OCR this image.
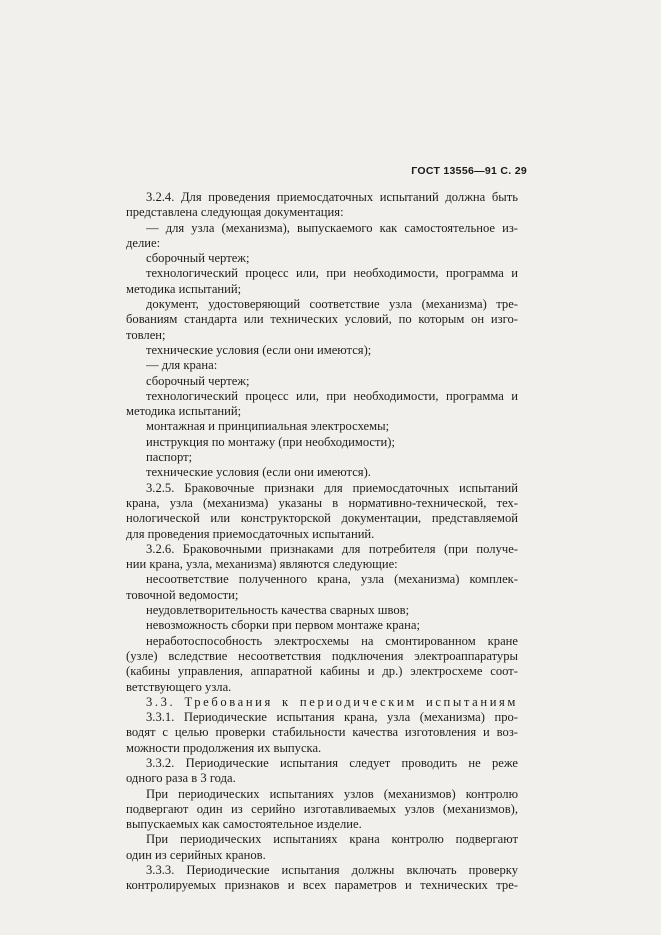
ГОСТ 13556—91 С. 29
3.2.4. Для проведения приемосдаточных испытаний должна быть
представлена следующая документация:
— для узла (механизма), выпускаемого как самостоятельное из-
делие:
сборочный чертеж;
технологический процесс или, при необходимости, программа и
методика испытаний;
документ, удостоверяющий соответствие узла (механизма) тре-
бованиям стандарта или технических условий, по которым он изго-
товлен;
технические условия (если они имеются);
— для крана:
сборочный чертеж;
технологический процесс или, при необходимости, программа и
методика испытаний;
монтажная и принципиальная электросхемы;
инструкция по монтажу (при необходимости);
паспорт;
технические условия (если они имеются).
3.2.5. Браковочные признаки для приемосдаточных испытаний
крана, узла (механизма) указаны в нормативно-технической, тех-
нологической или конструкторской документации, представляемой
для проведения приемосдаточных испытаний.
3.2.6. Браковочными признаками для потребителя (при получе-
нии крана, узла, механизма) являются следующие:
несоответствие полученного крана, узла (механизма) комплек-
товочной ведомости;
неудовлетворительность качества сварных швов;
невозможность сборки при первом монтаже крана;
неработоспособность электросхемы на смонтированном кране
(узле) вследствие несоответствия подключения электроаппаратуры
(кабины управления, аппаратной кабины и др.) электросхеме соот-
ветствующего узла.
3.3. Требования к периодическим испытаниям
3.3.1. Периодические испытания крана, узла (механизма) про-
водят с целью проверки стабильности качества изготовления и воз-
можности продолжения их выпуска.
3.3.2. Периодические испытания следует проводить не реже
одного раза в 3 года.
При периодических испытаниях узлов (механизмов) контролю
подвергают один из серийно изготавливаемых узлов (механизмов),
выпускаемых как самостоятельное изделие.
При периодических испытаниях крана контролю подвергают
один из серийных кранов.
3.3.3. Периодические испытания должны включать проверку
контролируемых признаков и всех параметров и технических тре-
